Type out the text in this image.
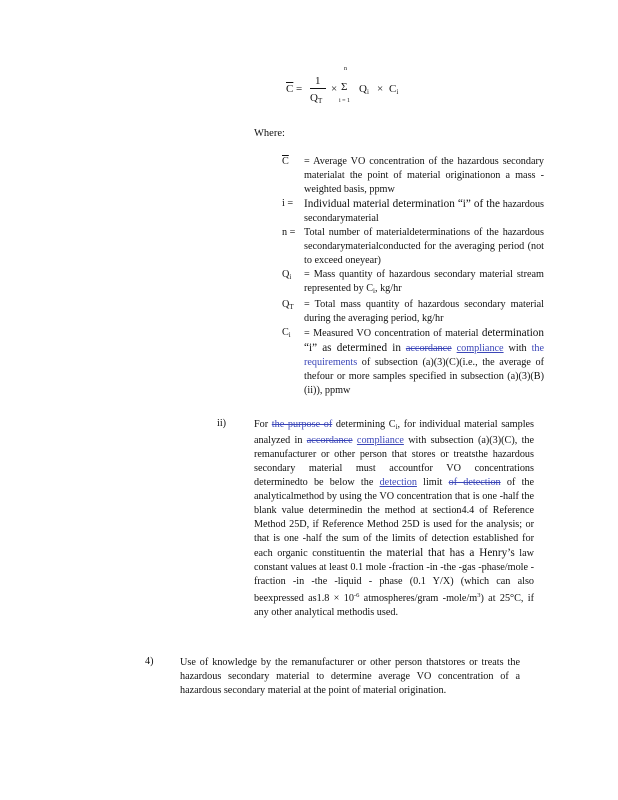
$\overline{C}$ =
1
$Q_T$
×
n
Σ
i = 1
$Q_i \times C_i$
Where:
$\overline{C}$	= Average VO concentration of the hazardous secondary materialat the point of material originationon a mass -weighted basis, ppmw
i = Individual material determination “i” of the hazardous secondarymaterial
n = Total number of materialdeterminations of the hazardous secondarymaterialconducted for the averaging period (not to exceed oneyear)
$Q_i$	= Mass quantity of hazardous secondary material stream represented by $C_i$, kg/hr
$Q_T$	= Total mass quantity of hazardous secondary material during the averaging period, kg/hr
$C_i$	= Measured VO concentration of material determination “i” as determined in accordance compliance with the requirements of subsection (a)(3)(C)(i.e., the average of thefour or more samples specified in subsection (a)(3)(B)(ii)), ppmw
ii)	For the purpose of determining $C_i$, for individual material samples analyzed in accordance compliance with subsection (a)(3)(C), the remanufacturer or other person that stores or treatsthe hazardous secondary material must accountfor VO concentrations determinedto be below the detection limit of detection of the analyticalmethod by using the VO concentration that is one -half the blank value determinedin the method at section4.4 of Reference Method 25D, if Reference Method 25D is used for the analysis; or that is one -half the sum of the limits of detection established for each organic constituentin the material that has a Henry’s law constant values at least 0.1 mole -fraction -in -the -gas -phase/mole -fraction -in -the -liquid - phase (0.1 Y/X) (which can also beexpressed $as1.8 \times 10^{-6}$ atmospheres/gram $-mole/m^3$) at 25°C, if any other analytical methodis used.
4)	Use of knowledge by the remanufacturer or other person thatstores or treats the hazardous secondary material to determine average VO concentration of a hazardous secondary material at the point of material origination.
